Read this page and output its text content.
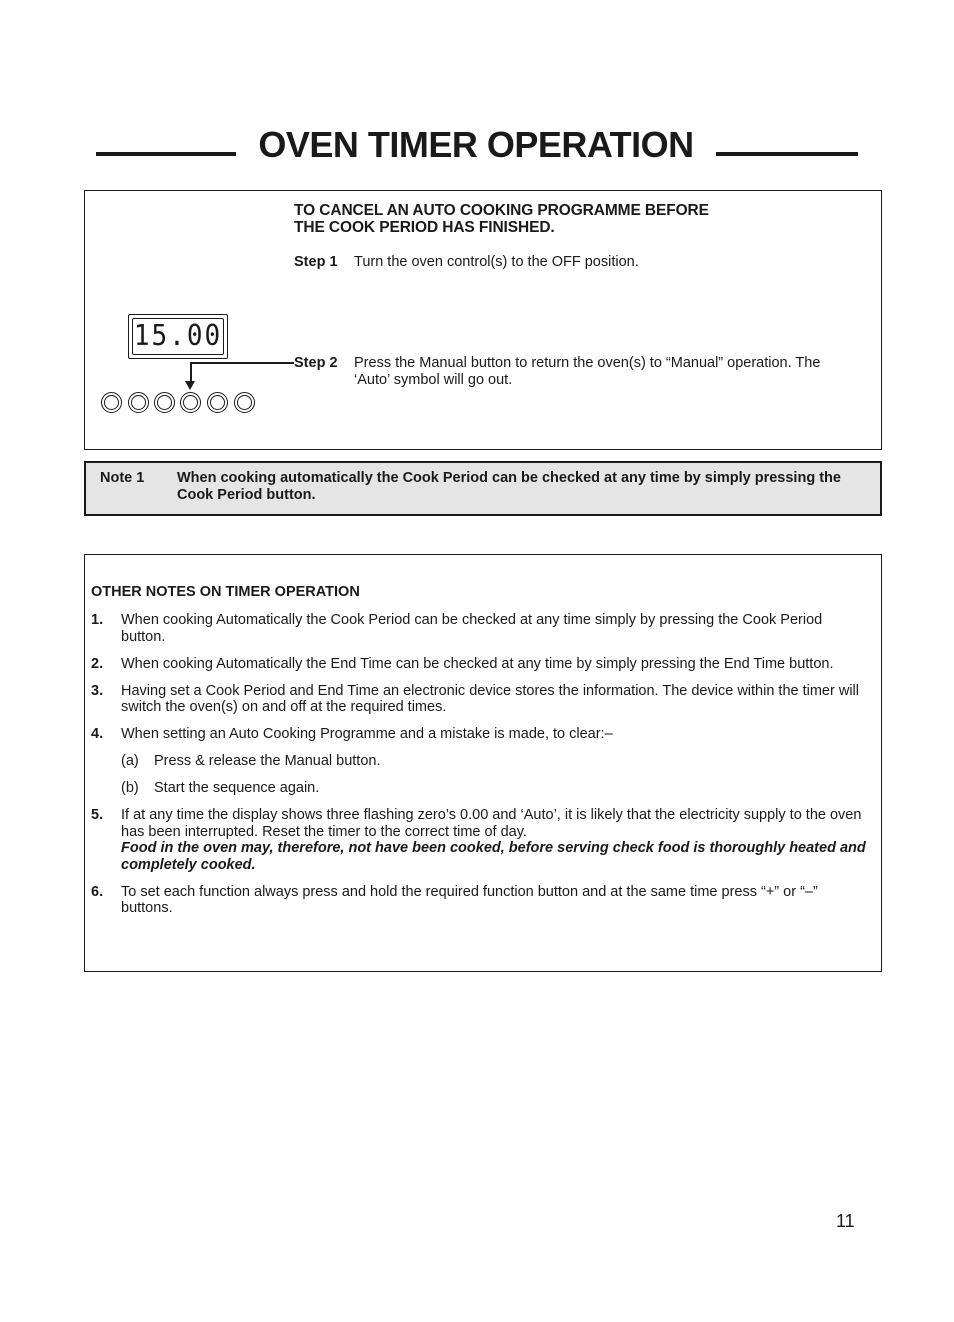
OVEN TIMER OPERATION
TO CANCEL AN AUTO COOKING PROGRAMME BEFORE
THE COOK PERIOD HAS FINISHED.
Step 1 Turn the oven control(s) to the OFF position.
15.00
Step 2 Press the Manual button to return the oven(s) to “Manual” operation. The ‘Auto’ symbol will go out.
Note 1 When cooking automatically the Cook Period can be checked at any time by simply pressing the Cook Period button.
OTHER NOTES ON TIMER OPERATION
1. When cooking Automatically the Cook Period can be checked at any time simply by pressing the Cook Period button.
2. When cooking Automatically the End Time can be checked at any time by simply pressing the End Time button.
3. Having set a Cook Period and End Time an electronic device stores the information. The device within the timer will switch the oven(s) on and off at the required times.
4. When setting an Auto Cooking Programme and a mistake is made, to clear:–
(a) Press & release the Manual button.
(b) Start the sequence again.
5. If at any time the display shows three flashing zero’s 0.00 and ‘Auto’, it is likely that the electricity supply to the oven has been interrupted. Reset the timer to the correct time of day.
Food in the oven may, therefore, not have been cooked, before serving check food is thoroughly heated and completely cooked.
6. To set each function always press and hold the required function button and at the same time press “+” or “–” buttons.
11
